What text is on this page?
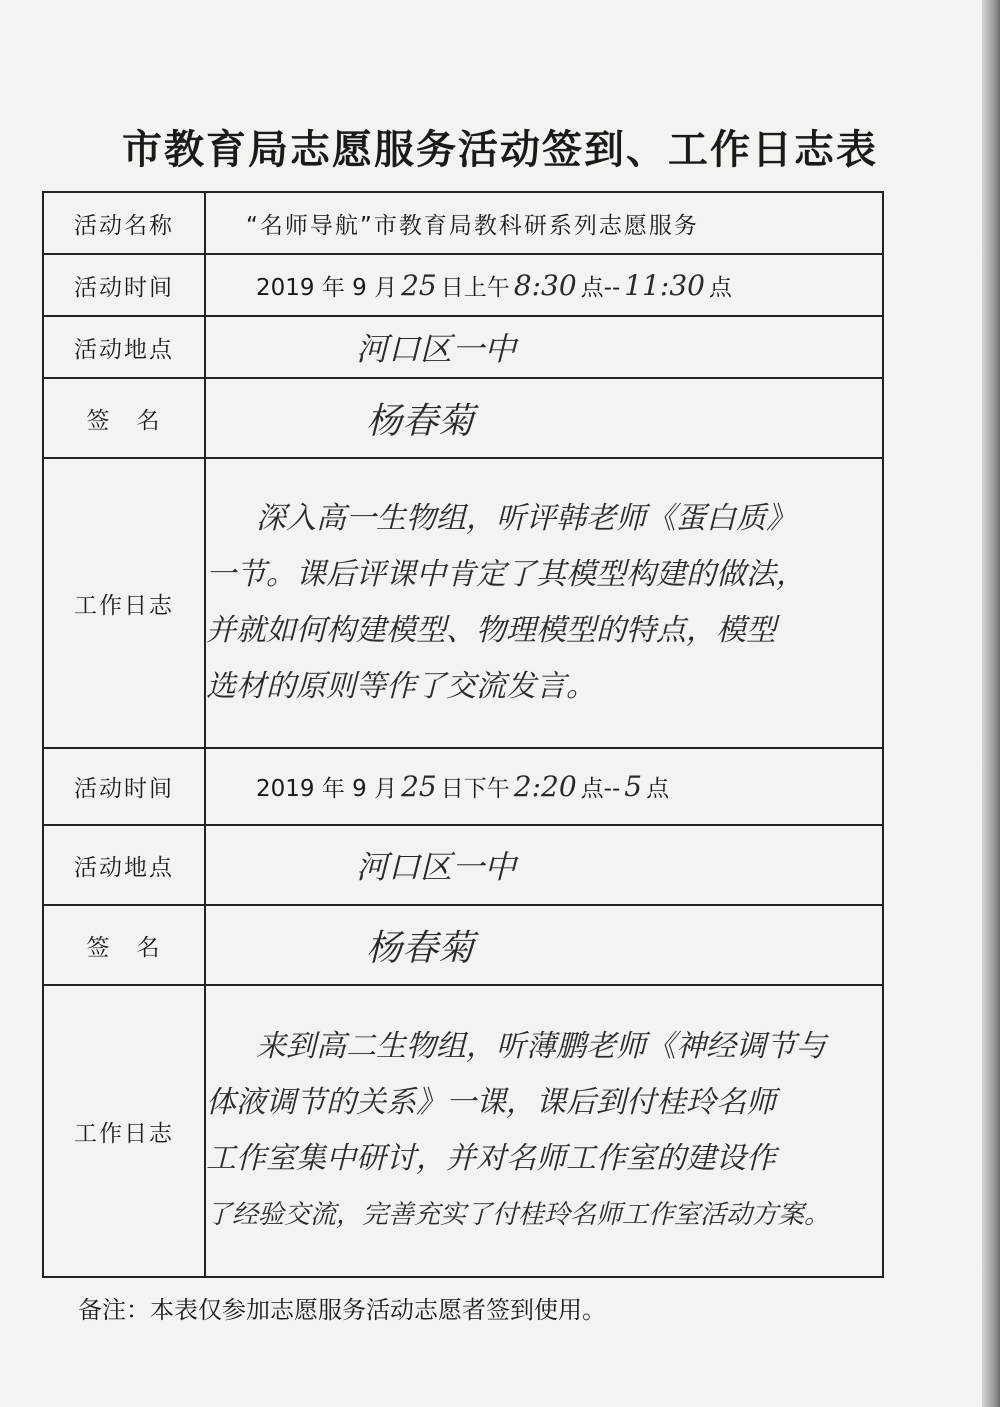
市教育局志愿服务活动签到、工作日志表
活动名称	“名师导航”市教育局教科研系列志愿服务
活动时间	2019 年 9 月 25 日上午 8:30 点-- 11:30 点
活动地点	河口区一中
签　名	杨春菊
工作日志	深入高一生物组，听评韩老师《蛋白质》
一节。课后评课中肯定了其模型构建的做法，
并就如何构建模型、物理模型的特点，模型
选材的原则等作了交流发言。

活动时间	2019 年 9 月 25 日下午 2:20 点-- 5 点
活动地点	河口区一中
签　名	杨春菊
工作日志	来到高二生物组，听薄鹏老师《神经调节与
体液调节的关系》一课，课后到付桂玲名师
工作室集中研讨，并对名师工作室的建设作
了经验交流，完善充实了付桂玲名师工作室活动方案。
备注：本表仅参加志愿服务活动志愿者签到使用。
